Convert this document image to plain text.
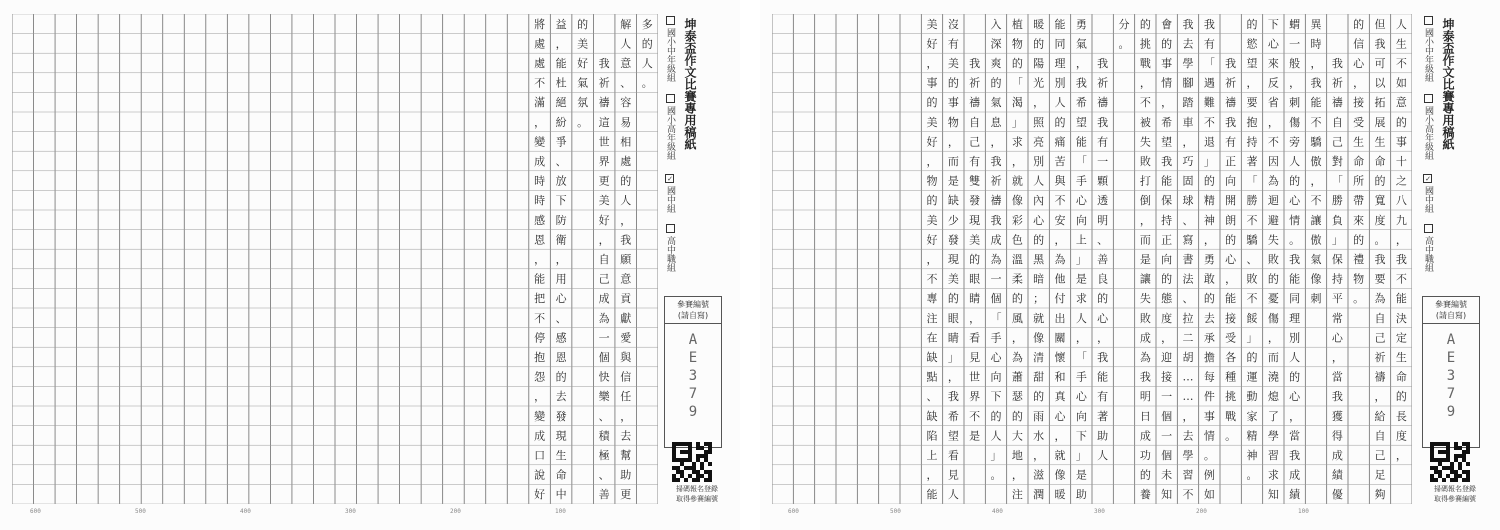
多
的
人
。
解
人
意
、
容
易
相
處
的
人
，
我
願
意
貢
獻
愛
與
信
任
，
去
幫
助
更
我
祈
禱
這
世
界
更
美
好
，
自
己
成
為
一
個
快
樂
、
積
極
、
善
的
美
好
氣
氛
。
益
，
能
杜
絕
紛
爭
、
放
下
防
衛
，
用
心
、
感
恩
的
去
發
現
生
命
中
將
處
處
不
滿
，
變
成
時
時
感
恩
，
能
把
不
停
抱
怨
，
變
成
口
說
好
坤泰盃作文比賽專用稿紙
國小中年級組
國小高年級組
✓國中組
高中職組
參賽編號
(請自寫)
AE379
掃碼報名登錄
取得參賽編號
600	500	400	300	200	100
人
生
不
如
意
的
事
十
之
八
九
，
我
不
能
決
定
生
命
的
長
度
，
但
我
可
以
拓
展
生
命
的
寬
度
。
我
要
為
自
己
祈
禱
，
給
自
己
足
夠
的
信
心
，
接
受
生
命
所
帶
來
的
禮
物
。
我
祈
禱
自
己
對
「
勝
負
」
保
持
平
常
心
，
當
我
獲
得
成
績
優
異
時
，
我
能
不
驕
傲
，
不
讓
傲
氣
像
刺
蝟
一
般
，
刺
傷
旁
人
的
心
情
。
我
能
同
理
別
人
的
心
，
當
我
成
績
下
心
來
反
省
，
不
因
為
迴
避
失
敗
的
憂
傷
，
而
澆
熄
了
學
習
求
知
的
慾
望
，
要
抱
持
著
「
勝
不
驕
、
敗
不
餒
」
的
運
動
家
精
神
。
我
祈
禱
我
有
正
向
開
朗
的
心
，
能
接
受
各
種
挑
戰
。
我
有
「
遇
難
不
退
」
的
精
神
，
勇
敢
的
去
承
擔
每
件
事
情
。
例
如
我
去
學
腳
踏
車
，
巧
固
球
、
寫
書
法
、
拉
二
胡
…
…
，
去
學
習
不
會
的
事
情
，
希
望
我
能
保
持
正
向
的
態
度
，
迎
接
一
個
一
個
未
知
的
挑
戰
，
不
被
失
敗
打
倒
，
而
是
讓
失
敗
成
為
我
明
日
成
功
的
養
分
。
我
祈
禱
我
有
一
顆
透
明
、
善
良
的
心
，
我
能
有
著
助
人
勇
氣
，
我
希
望
能
「
手
心
向
上
」
是
求
人
，
「
手
心
向
下
」
是
助
能
同
理
別
人
的
痛
苦
與
不
安
，
為
他
付
出
關
懷
和
真
心
，
就
像
暖
暖
的
陽
光
，
照
亮
別
人
內
心
的
黑
暗
；
就
像
清
甜
的
雨
水
，
滋
潤
植
物
的
「
渴
」
求
，
就
像
彩
色
溫
柔
的
風
，
為
蕭
瑟
的
大
地
，
注
入
深
爽
的
氣
息
，
我
祈
禱
我
成
為
一
個
「
手
心
向
下
的
人
」
。
我
祈
禱
自
己
有
雙
發
現
美
的
眼
睛
，
看
見
世
界
不
是
沒
有
美
的
事
物
，
而
是
缺
少
發
現
美
的
眼
睛
」
，
我
希
望
看
見
人
美
好
，
事
的
美
好
，
物
的
美
好
，
不
專
注
在
缺
點
、
缺
陷
上
，
能
坤泰盃作文比賽專用稿紙
國小中年級組
國小高年級組
✓國中組
高中職組
參賽編號
(請自寫)
AE379
掃碼報名登錄
取得參賽編號
600	500	400	300	200	100
